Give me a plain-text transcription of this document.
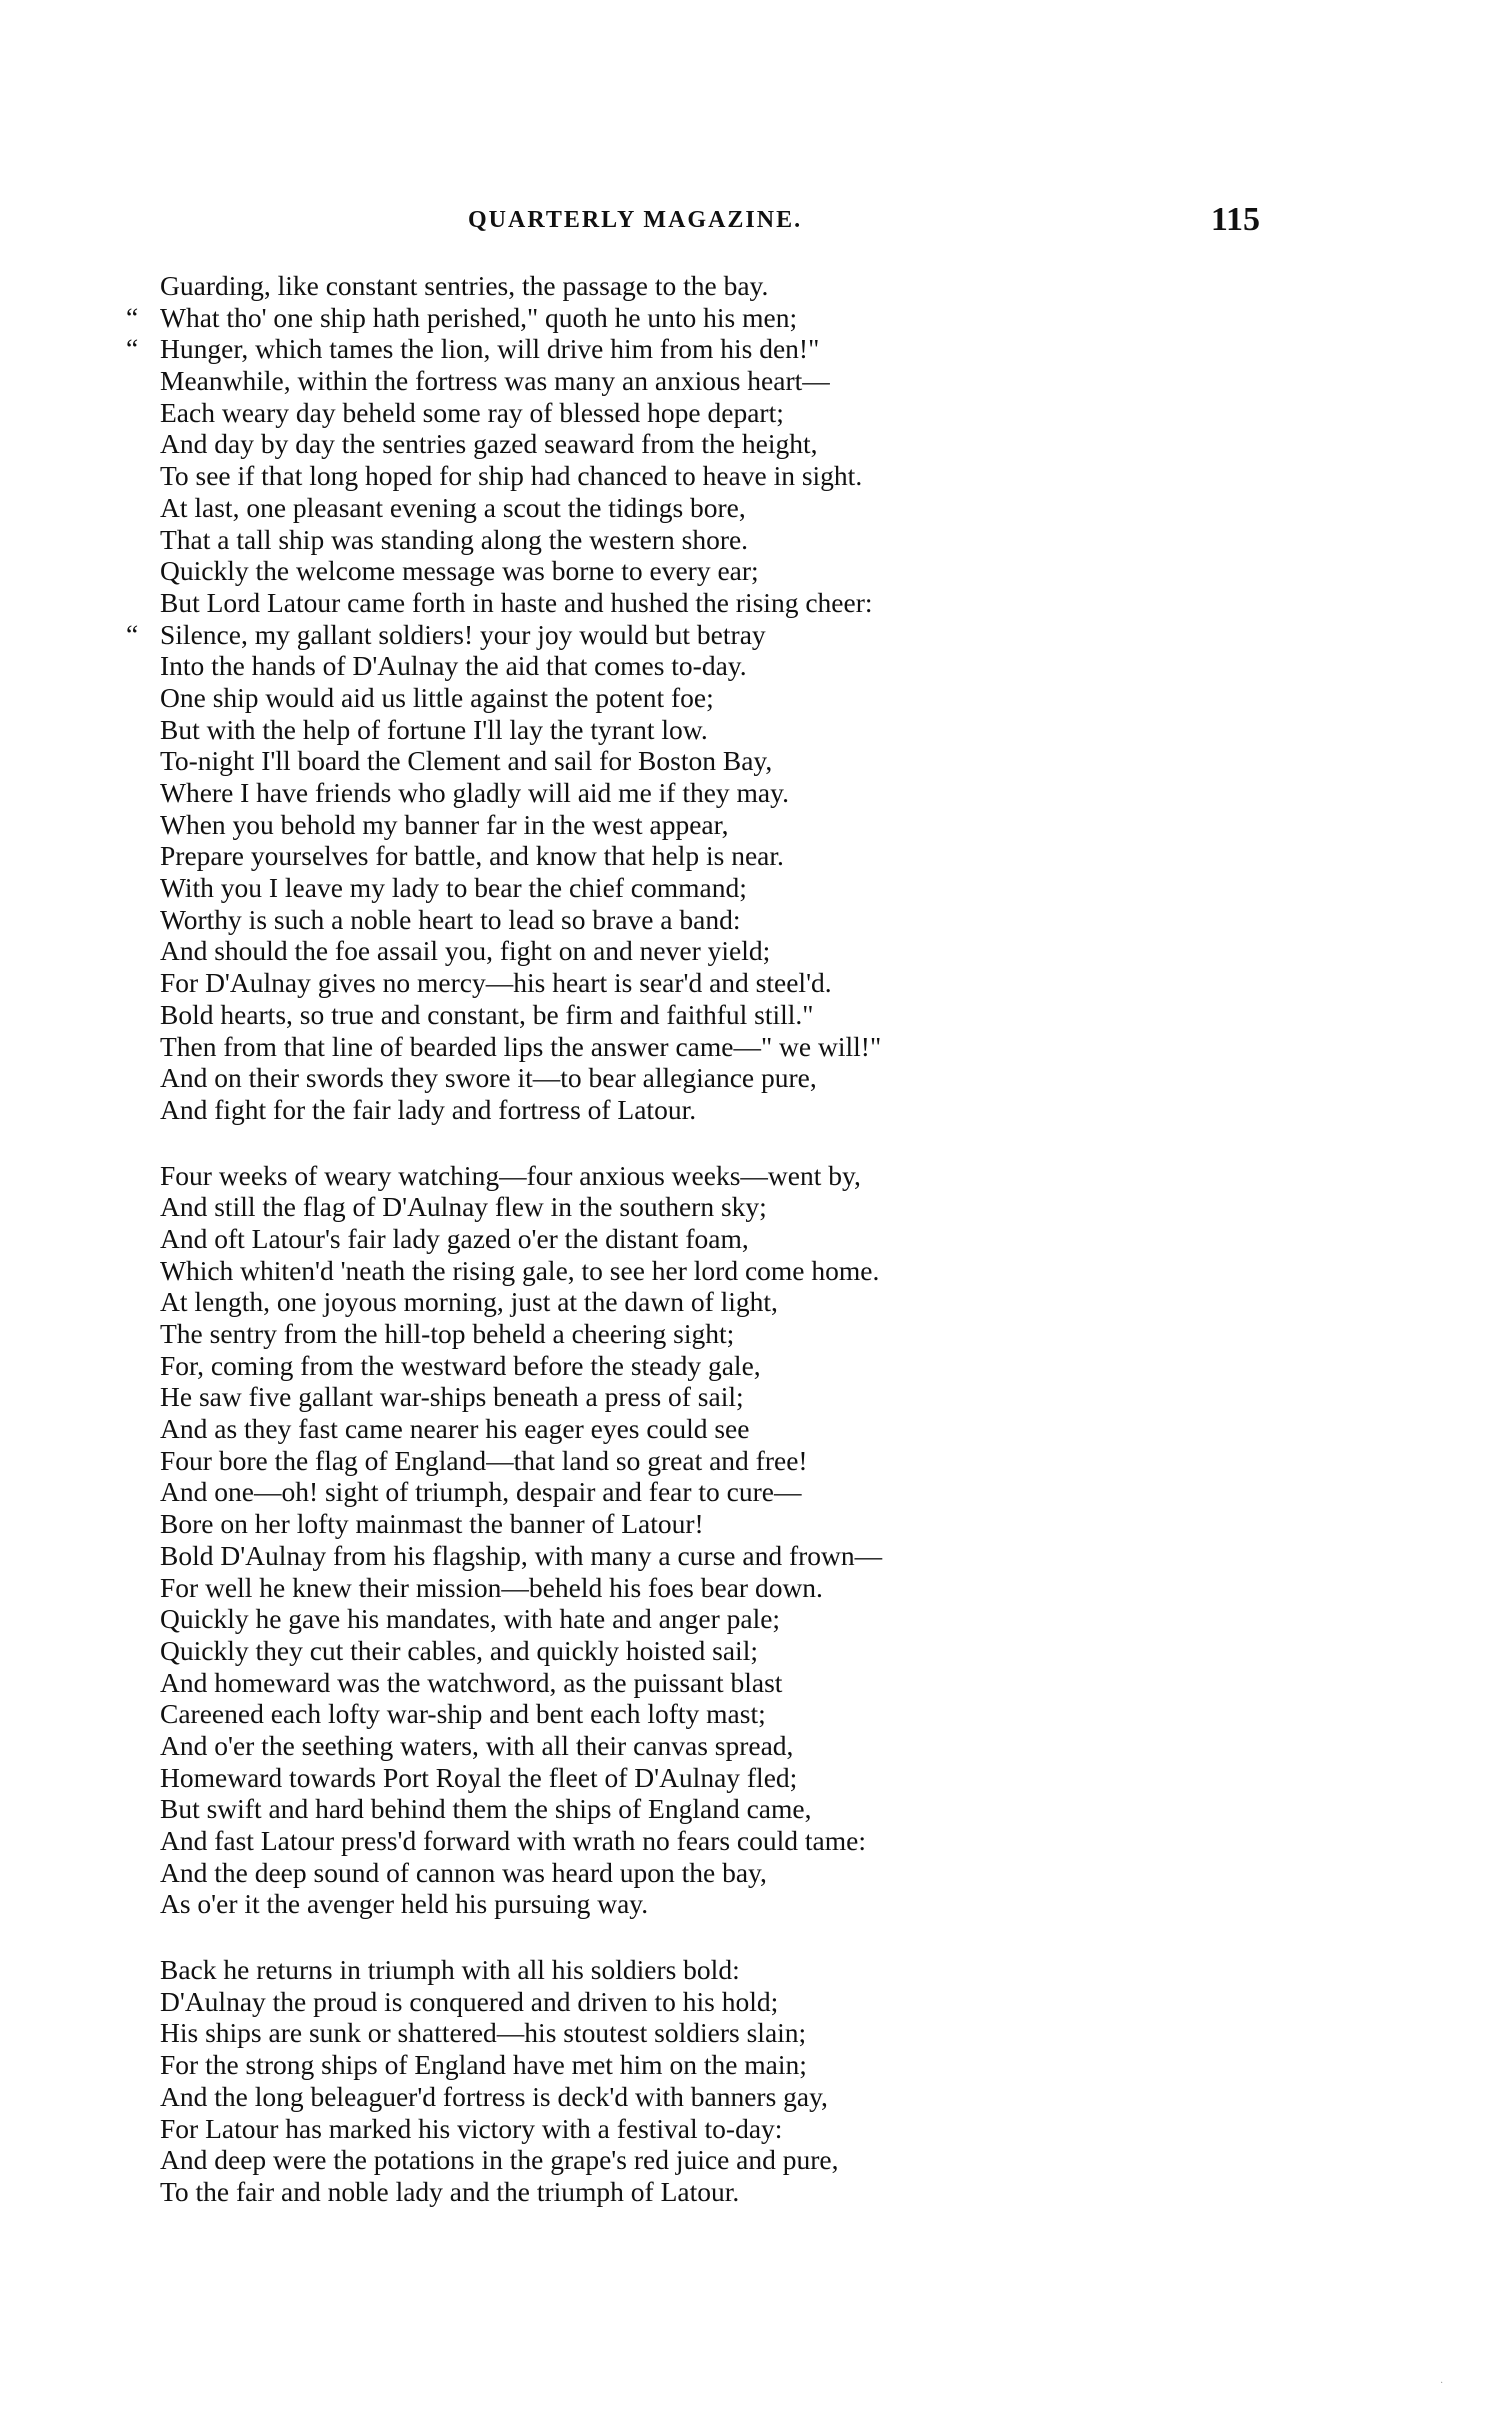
QUARTERLY MAGAZINE.	115
Guarding, like constant sentries, the passage to the bay.
“ What tho' one ship hath perished," quoth he unto his men;
“ Hunger, which tames the lion, will drive him from his den!"
Meanwhile, within the fortress was many an anxious heart—
Each weary day beheld some ray of blessed hope depart;
And day by day the sentries gazed seaward from the height,
To see if that long hoped for ship had chanced to heave in sight.
At last, one pleasant evening a scout the tidings bore,
That a tall ship was standing along the western shore.
Quickly the welcome message was borne to every ear;
But Lord Latour came forth in haste and hushed the rising cheer:
“ Silence, my gallant soldiers! your joy would but betray
Into the hands of D'Aulnay the aid that comes to-day.
One ship would aid us little against the potent foe;
But with the help of fortune I'll lay the tyrant low.
To-night I'll board the Clement and sail for Boston Bay,
Where I have friends who gladly will aid me if they may.
When you behold my banner far in the west appear,
Prepare yourselves for battle, and know that help is near.
With you I leave my lady to bear the chief command;
Worthy is such a noble heart to lead so brave a band:
And should the foe assail you, fight on and never yield;
For D'Aulnay gives no mercy—his heart is sear'd and steel'd.
Bold hearts, so true and constant, be firm and faithful still."
Then from that line of bearded lips the answer came—" we will!"
And on their swords they swore it—to bear allegiance pure,
And fight for the fair lady and fortress of Latour.
Four weeks of weary watching—four anxious weeks—went by,
And still the flag of D'Aulnay flew in the southern sky;
And oft Latour's fair lady gazed o'er the distant foam,
Which whiten'd 'neath the rising gale, to see her lord come home.
At length, one joyous morning, just at the dawn of light,
The sentry from the hill-top beheld a cheering sight;
For, coming from the westward before the steady gale,
He saw five gallant war-ships beneath a press of sail;
And as they fast came nearer his eager eyes could see
Four bore the flag of England—that land so great and free!
And one—oh! sight of triumph, despair and fear to cure—
Bore on her lofty mainmast the banner of Latour!
Bold D'Aulnay from his flagship, with many a curse and frown—
For well he knew their mission—beheld his foes bear down.
Quickly he gave his mandates, with hate and anger pale;
Quickly they cut their cables, and quickly hoisted sail;
And homeward was the watchword, as the puissant blast
Careened each lofty war-ship and bent each lofty mast;
And o'er the seething waters, with all their canvas spread,
Homeward towards Port Royal the fleet of D'Aulnay fled;
But swift and hard behind them the ships of England came,
And fast Latour press'd forward with wrath no fears could tame:
And the deep sound of cannon was heard upon the bay,
As o'er it the avenger held his pursuing way.
Back he returns in triumph with all his soldiers bold:
D'Aulnay the proud is conquered and driven to his hold;
His ships are sunk or shattered—his stoutest soldiers slain;
For the strong ships of England have met him on the main;
And the long beleaguer'd fortress is deck'd with banners gay,
For Latour has marked his victory with a festival to-day:
And deep were the potations in the grape's red juice and pure,
To the fair and noble lady and the triumph of Latour.
·
